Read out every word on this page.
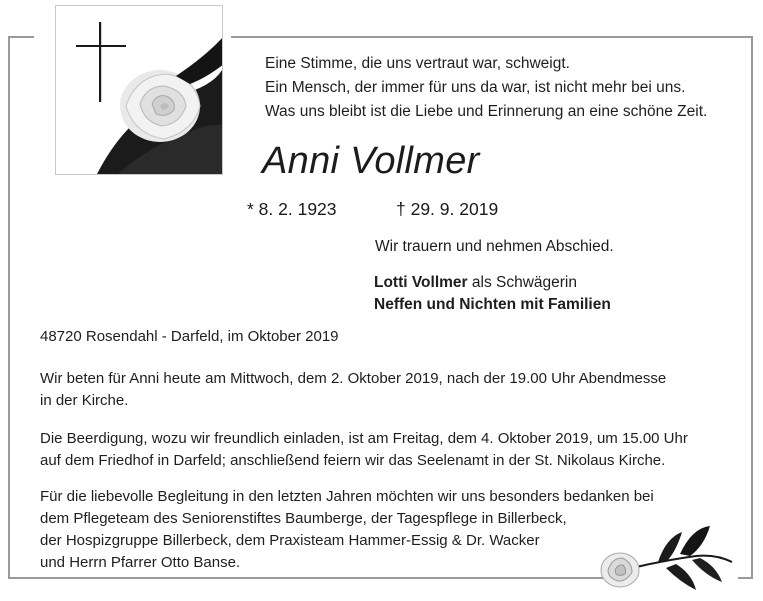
Eine Stimme, die uns vertraut war, schweigt.
Ein Mensch, der immer für uns da war, ist nicht mehr bei uns.
Was uns bleibt ist die Liebe und Erinnerung an eine schöne Zeit.
Anni Vollmer
* 8. 2. 1923	† 29. 9. 2019
Wir trauern und nehmen Abschied.
Lotti Vollmer als Schwägerin
Neffen und Nichten mit Familien
48720 Rosendahl - Darfeld, im Oktober 2019
Wir beten für Anni heute am Mittwoch, dem 2. Oktober 2019, nach der 19.00 Uhr Abendmesse
in der Kirche.
Die Beerdigung, wozu wir freundlich einladen, ist am Freitag, dem 4. Oktober 2019, um 15.00 Uhr
auf dem Friedhof in Darfeld; anschließend feiern wir das Seelenamt in der St. Nikolaus Kirche.
Für die liebevolle Begleitung in den letzten Jahren möchten wir uns besonders bedanken bei
dem Pflegeteam des Seniorenstiftes Baumberge, der Tagespflege in Billerbeck,
der Hospizgruppe Billerbeck, dem Praxisteam Hammer-Essig & Dr. Wacker
und Herrn Pfarrer Otto Banse.
